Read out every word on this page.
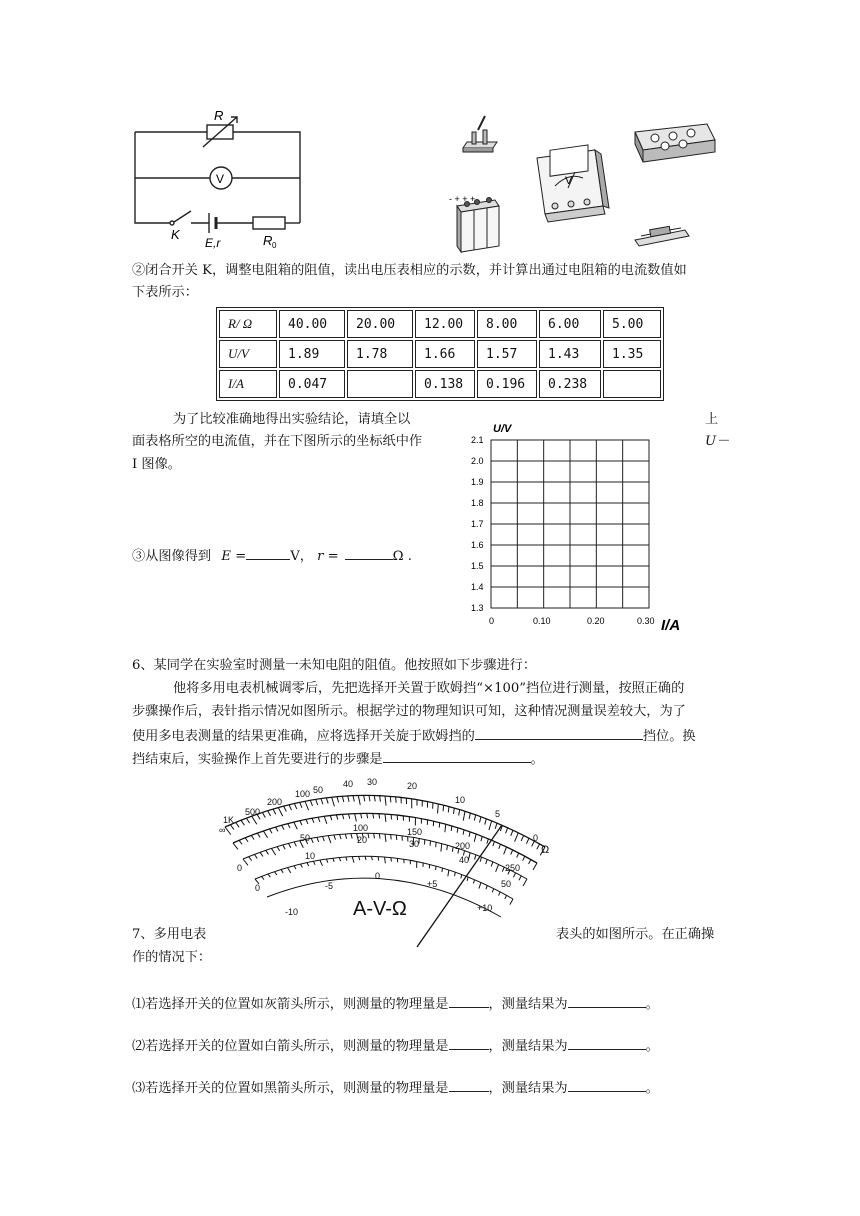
R
V
K
E,r	R 0
V
- + + +
②闭合开关 K，调整电阻箱的阻值，读出电压表相应的示数，并计算出通过电阻箱的电流数值如
下表所示：
R/ Ω	40.00	20.00	12.00	8.00	6.00	5.00
U/V	1.89	1.78	1.66	1.57	1.43	1.35
I/A	0.047		0.138	0.196	0.238	
为了比较准确地得出实验结论，请填全以	上
面表格所空的电流值，并在下图所示的坐标纸中作	U－
I 图像。
③从图像得到 E =	V， r =	Ω .
U/V
I/A
2.1
2.0
1.9
1.8
1.7
1.6
1.5
1.4
1.3
0	0.10	0.20	0.30
6、某同学在实验室时测量一未知电阻的阻值。他按照如下步骤进行：
他将多用电表机械调零后，先把选择开关置于欧姆挡“×100”挡位进行测量，按照正确的
步骤操作后，表针指示情况如图所示。根据学过的物理知识可知，这种情况测量误差较大，为了
使用多电表测量的结果更准确，应将选择开关旋于欧姆挡的	挡位。换
挡结束后，实验操作上首先要进行的步骤是	。
1K
500
200
100 50
40 30	20
10
5
0
∞
Ω
0
50
100	150
200
250
0
10
20	30
40
50
-10
-5
0
+5
+10
A-V-Ω
7、多用电表	表头的如图所示。在正确操
作的情况下：
⑴若选择开关的位置如灰箭头所示，则测量的物理量是	，测量结果为	。
⑵若选择开关的位置如白箭头所示，则测量的物理量是	，测量结果为	。
⑶若选择开关的位置如黑箭头所示，则测量的物理量是	，测量结果为	。
